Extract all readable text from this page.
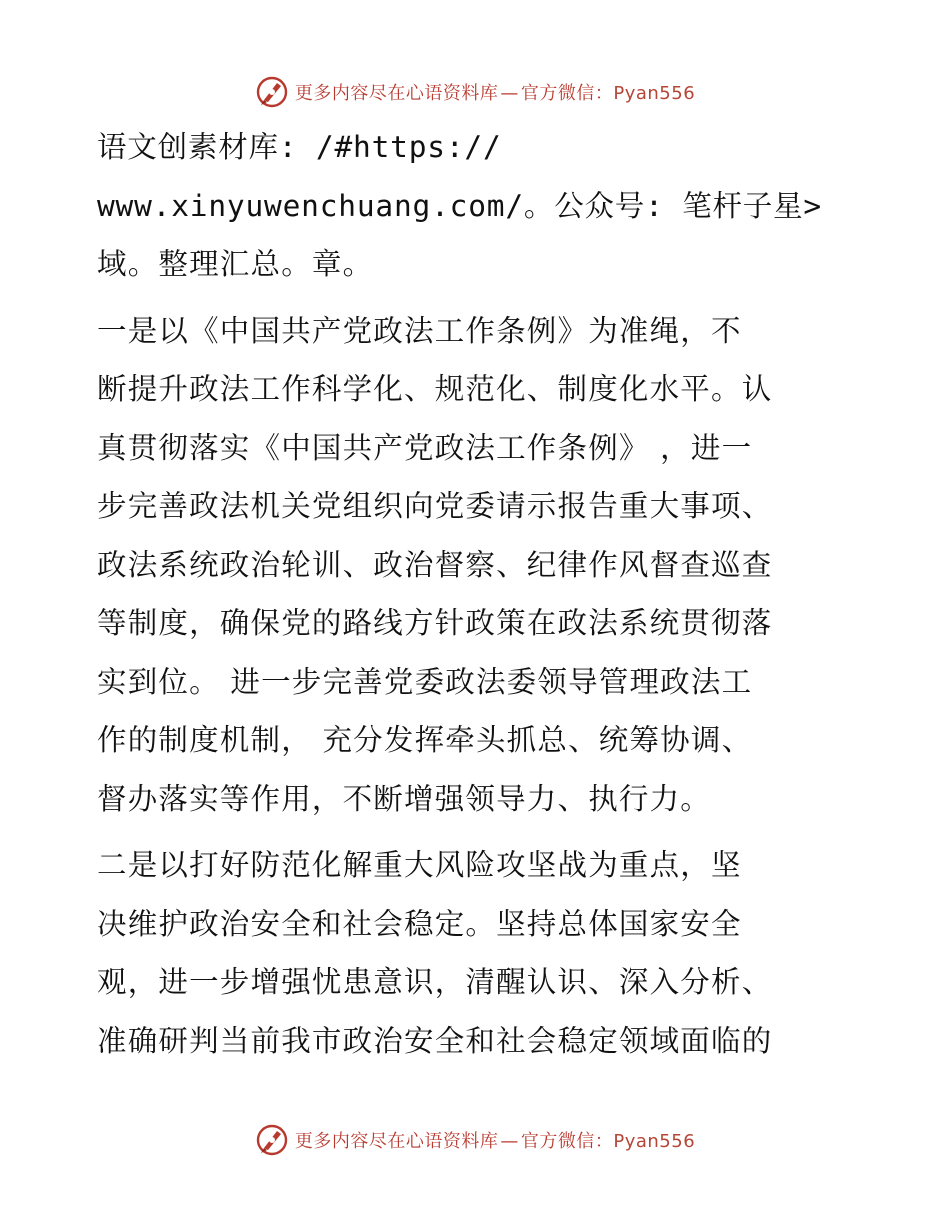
更多内容尽在心语资料库 — 官方微信：Pyan556

语文创素材库: /#https://

www.xinyuwenchuang.com/。公众号: 笔杆子星>

域。整理汇总。章。

一是以《中国共产党政法工作条例》为准绳，不

断提升政法工作科学化、规范化、制度化水平。认

真贯彻落实《中国共产党政法工作条例》 ，进一

步完善政法机关党组织向党委请示报告重大事项、

政法系统政治轮训、政治督察、纪律作风督查巡查

等制度，确保党的路线方针政策在政法系统贯彻落

实到位。 进一步完善党委政法委领导管理政法工

作的制度机制， 充分发挥牵头抓总、统筹协调、

督办落实等作用，不断增强领导力、执行力。

二是以打好防范化解重大风险攻坚战为重点，坚

决维护政治安全和社会稳定。坚持总体国家安全

观，进一步增强忧患意识，清醒认识、深入分析、

准确研判当前我市政治安全和社会稳定领域面临的

更多内容尽在心语资料库 — 官方微信：Pyan556
